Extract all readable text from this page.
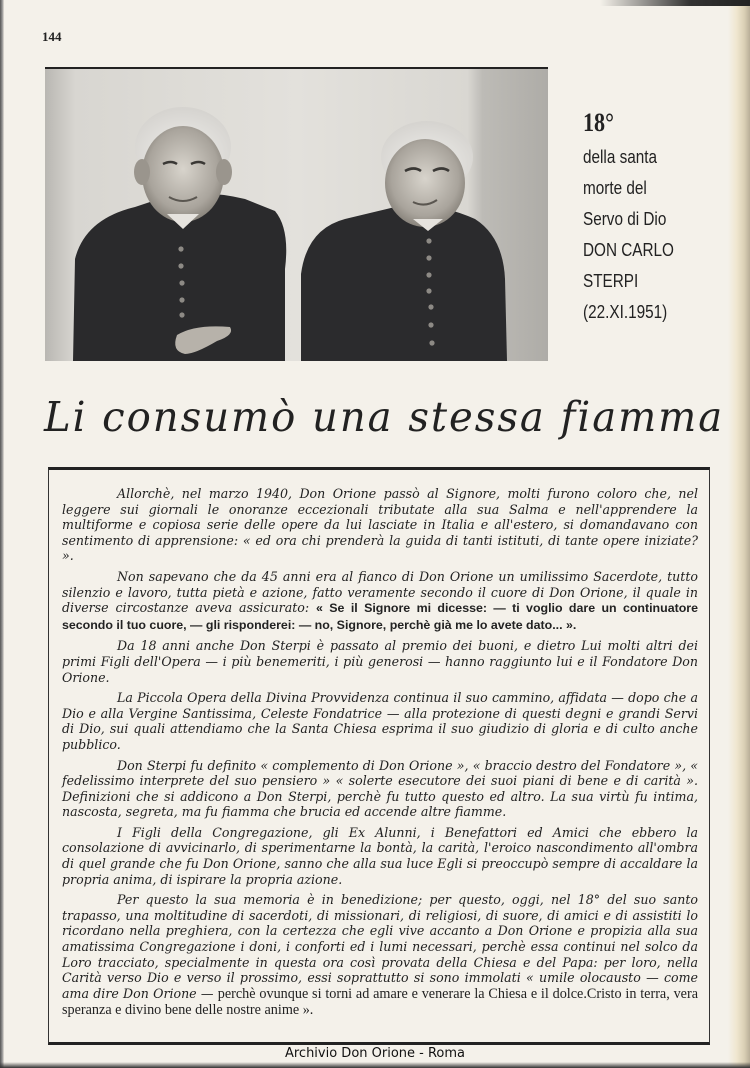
144
18°
della santa
morte del
Servo di Dio
DON CARLO
STERPI
(22.XI.1951)
Li consumò una stessa fiamma

Allorchè, nel marzo 1940, Don Orione passò al Signore, molti furono coloro che, nel leggere sui giornali le onoranze eccezionali tributate alla sua Salma e nell'apprendere la multiforme e copiosa serie delle opere da lui lasciate in Italia e all'estero, si domandavano con sentimento di apprensione: « ed ora chi prenderà la guida di tanti istituti, di tante opere iniziate? ».

Non sapevano che da 45 anni era al fianco di Don Orione un umilissimo Sacerdote, tutto silenzio e lavoro, tutta pietà e azione, fatto veramente secondo il cuore di Don Orione, il quale in diverse circostanze aveva assicurato: « Se il Signore mi dicesse: — ti voglio dare un continuatore secondo il tuo cuore, — gli risponderei: — no, Signore, perchè già me lo avete dato... ».

Da 18 anni anche Don Sterpi è passato al premio dei buoni, e dietro Lui molti altri dei primi Figli dell'Opera — i più benemeriti, i più generosi — hanno raggiunto lui e il Fondatore Don Orione.

La Piccola Opera della Divina Provvidenza continua il suo cammino, affidata — dopo che a Dio e alla Vergine Santissima, Celeste Fondatrice — alla protezione di questi degni e grandi Servi di Dio, sui quali attendiamo che la Santa Chiesa esprima il suo giudizio di gloria e di culto anche pubblico.

Don Sterpi fu definito « complemento di Don Orione », « braccio destro del Fondatore », « fedelissimo interprete del suo pensiero » « solerte esecutore dei suoi piani di bene e di carità ». Definizioni che si addicono a Don Sterpi, perchè fu tutto questo ed altro. La sua virtù fu intima, nascosta, segreta, ma fu fiamma che brucia ed accende altre fiamme.

I Figli della Congregazione, gli Ex Alunni, i Benefattori ed Amici che ebbero la consolazione di avvicinarlo, di sperimentarne la bontà, la carità, l'eroico nascondimento all'ombra di quel grande che fu Don Orione, sanno che alla sua luce Egli si preoccupò sempre di accaldare la propria anima, di ispirare la propria azione.

Per questo la sua memoria è in benedizione; per questo, oggi, nel 18° del suo santo trapasso, una moltitudine di sacerdoti, di missionari, di religiosi, di suore, di amici e di assistiti lo ricordano nella preghiera, con la certezza che egli vive accanto a Don Orione e propizia alla sua amatissima Congregazione i doni, i conforti ed i lumi necessari, perchè essa continui nel solco da Loro tracciato, specialmente in questa ora così provata della Chiesa e del Papa: per loro, nella Carità verso Dio e verso il prossimo, essi soprattutto si sono immolati « umile olocausto — come ama dire Don Orione — perchè ovunque si torni ad amare e venerare la Chiesa e il dolce.Cristo in terra, vera speranza e divino bene delle nostre anime ».

Archivio Don Orione - Roma
